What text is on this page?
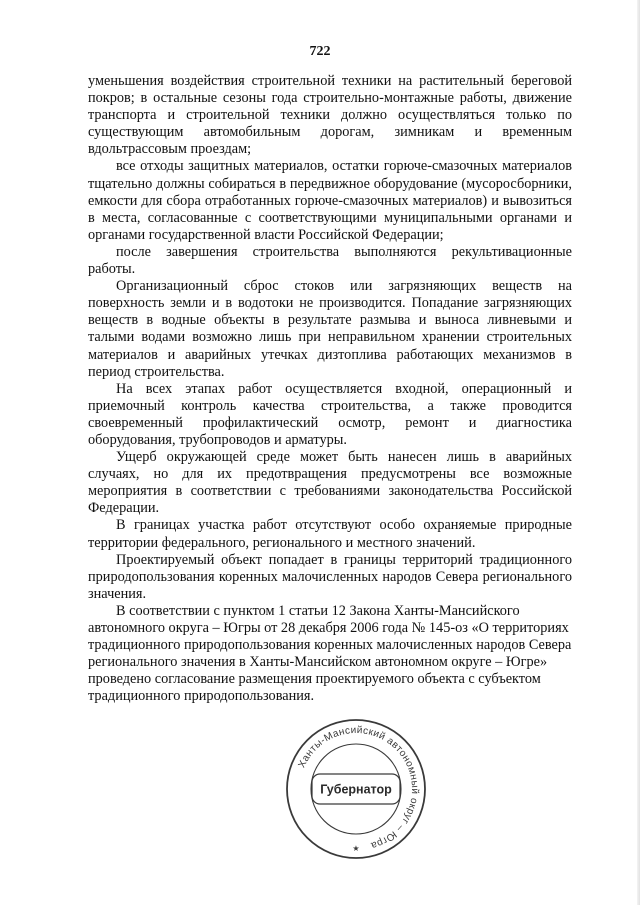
722

уменьшения воздействия строительной техники на растительный береговой покров; в остальные сезоны года строительно-монтажные работы, движение транспорта и строительной техники должно осуществляться только по существующим автомобильным дорогам, зимникам и временным вдольтрассовым проездам;

все отходы защитных материалов, остатки горюче-смазочных материалов тщательно должны собираться в передвижное оборудование (мусоросборники, емкости для сбора отработанных горюче-смазочных материалов) и вывозиться в места, согласованные с соответствующими муниципальными органами и органами государственной власти Российской Федерации;

после завершения строительства выполняются рекультивационные работы.

Организационный сброс стоков или загрязняющих веществ на поверхность земли и в водотоки не производится. Попадание загрязняющих веществ в водные объекты в результате размыва и выноса ливневыми и талыми водами возможно лишь при неправильном хранении строительных материалов и аварийных утечках дизтоплива работающих механизмов в период строительства.

На всех этапах работ осуществляется входной, операционный и приемочный контроль качества строительства, а также проводится своевременный профилактический осмотр, ремонт и диагностика оборудования, трубопроводов и арматуры.

Ущерб окружающей среде может быть нанесен лишь в аварийных случаях, но для их предотвращения предусмотрены все возможные мероприятия в соответствии с требованиями законодательства Российской Федерации.

В границах участка работ отсутствуют особо охраняемые природные территории федерального, регионального и местного значений.

Проектируемый объект попадает в границы территорий традиционного природопользования коренных малочисленных народов Севера регионального значения.

В соответствии с пунктом 1 статьи 12 Закона Ханты-Мансийского автономного округа – Югры от 28 декабря 2006 года № 145-оз «О территориях традиционного природопользования коренных малочисленных народов Севера регионального значения в Ханты-Мансийском автономном округе – Югре» проведено согласование размещения проектируемого объекта с субъектом традиционного природопользования.

Ханты-Мансийский автономный округ – Югра
Губернатор
★
